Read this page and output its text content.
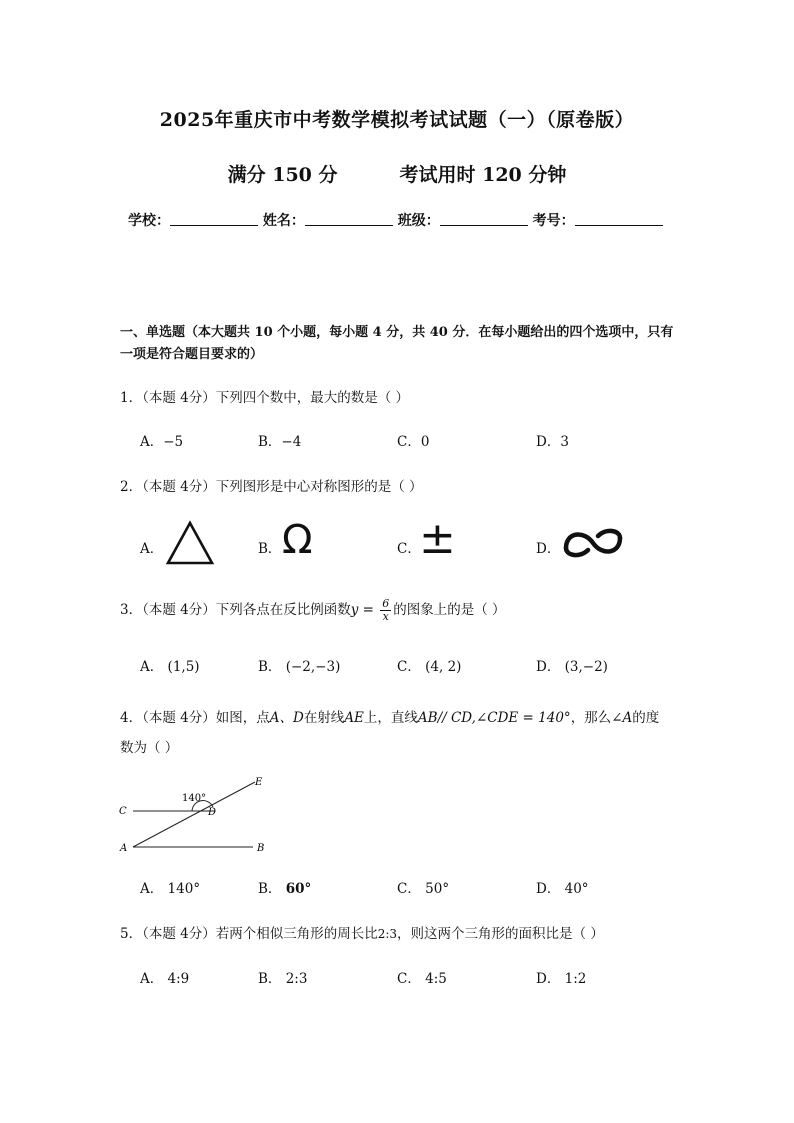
2025年重庆市中考数学模拟考试试题（一）（原卷版）
满分 150 分	考试用时 120 分钟
学校：	姓名：	班级：	考号：
一、单选题（本大题共 10 个小题，每小题 4 分，共 40 分．在每小题给出的四个选项中，只有一项是符合题目要求的）
1．（本题 4分）下列四个数中，最大的数是（ ）
A．−5	B．−4	C．0	D．3
2．（本题 4分）下列图形是中心对称图形的是（ ）
A．	B． Ω	C．
±	D．
3．（本题 4分）下列各点在反比例函数$y = \frac{6}{x}$ 的图象上的是（ ）
A． (1,5)	B． (−2,−3)	C． (4, 2)	D． (3,−2)
4．（本题 4分）如图，点A、D在射线AE上，直线AB// CD,∠CDE = 140°，那么∠A的度
数为（ ）
140°
C	D
E
A	B
A． 140°	B． 60°	C． 50°	D． 40°
5．（本题 4分）若两个相似三角形的周长比2:3，则这两个三角形的面积比是（ ）
A． 4:9	B． 2:3	C． 4:5	D． 1:2
